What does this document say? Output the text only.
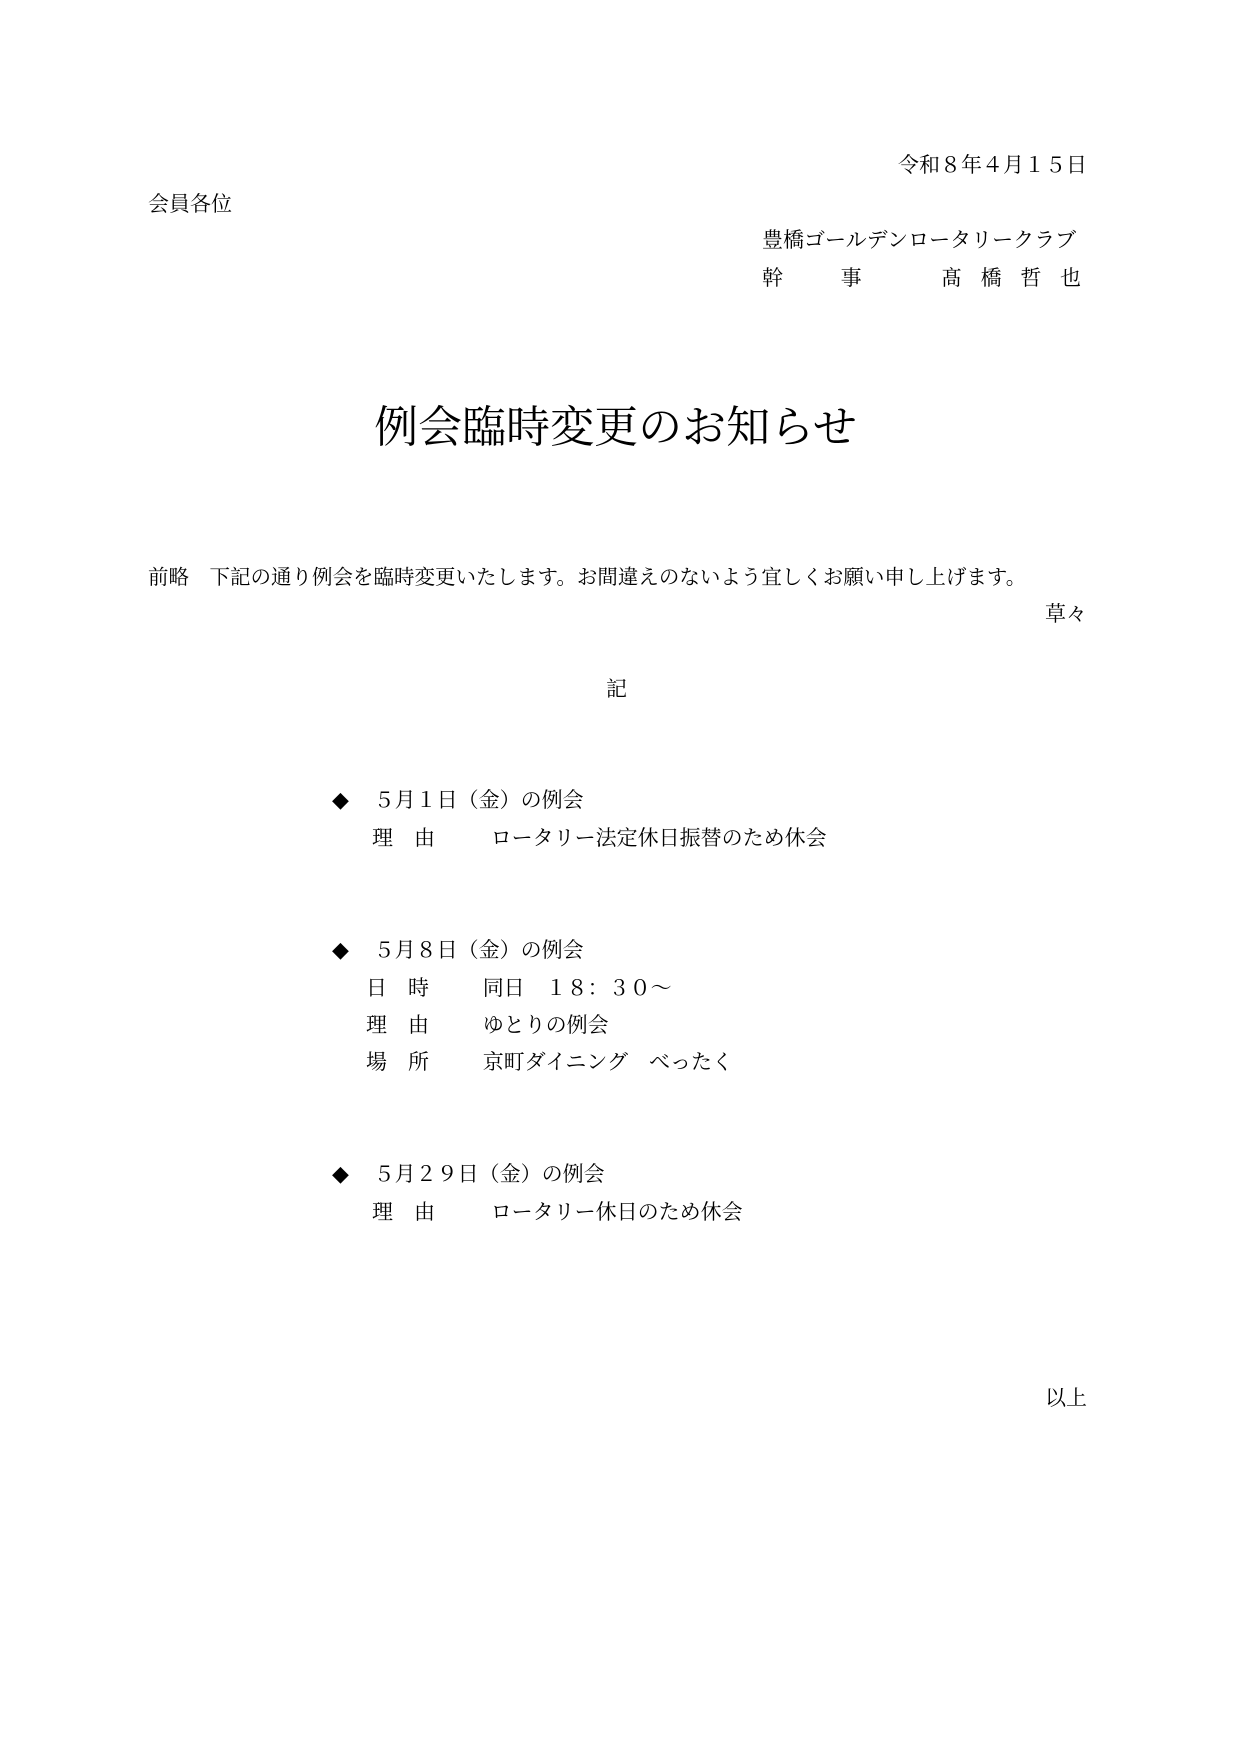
令和８年４月１５日
会員各位
豊橋ゴールデンロータリークラブ
幹　 事	髙 橋 哲 也
例会臨時変更のお知らせ
前略　下記の通り例会を臨時変更いたします。お間違えのないよう宜しくお願い申し上げます。
草々
記
◆ ５月１日（金）の例会
理　由	ロータリー法定休日振替のため休会
◆ ５月８日（金）の例会
日　時	同日　１８：３０～
理　由	ゆとりの例会
場　所	京町ダイニング　べったく
◆ ５月２９日（金）の例会
理　由	ロータリー休日のため休会
以上
